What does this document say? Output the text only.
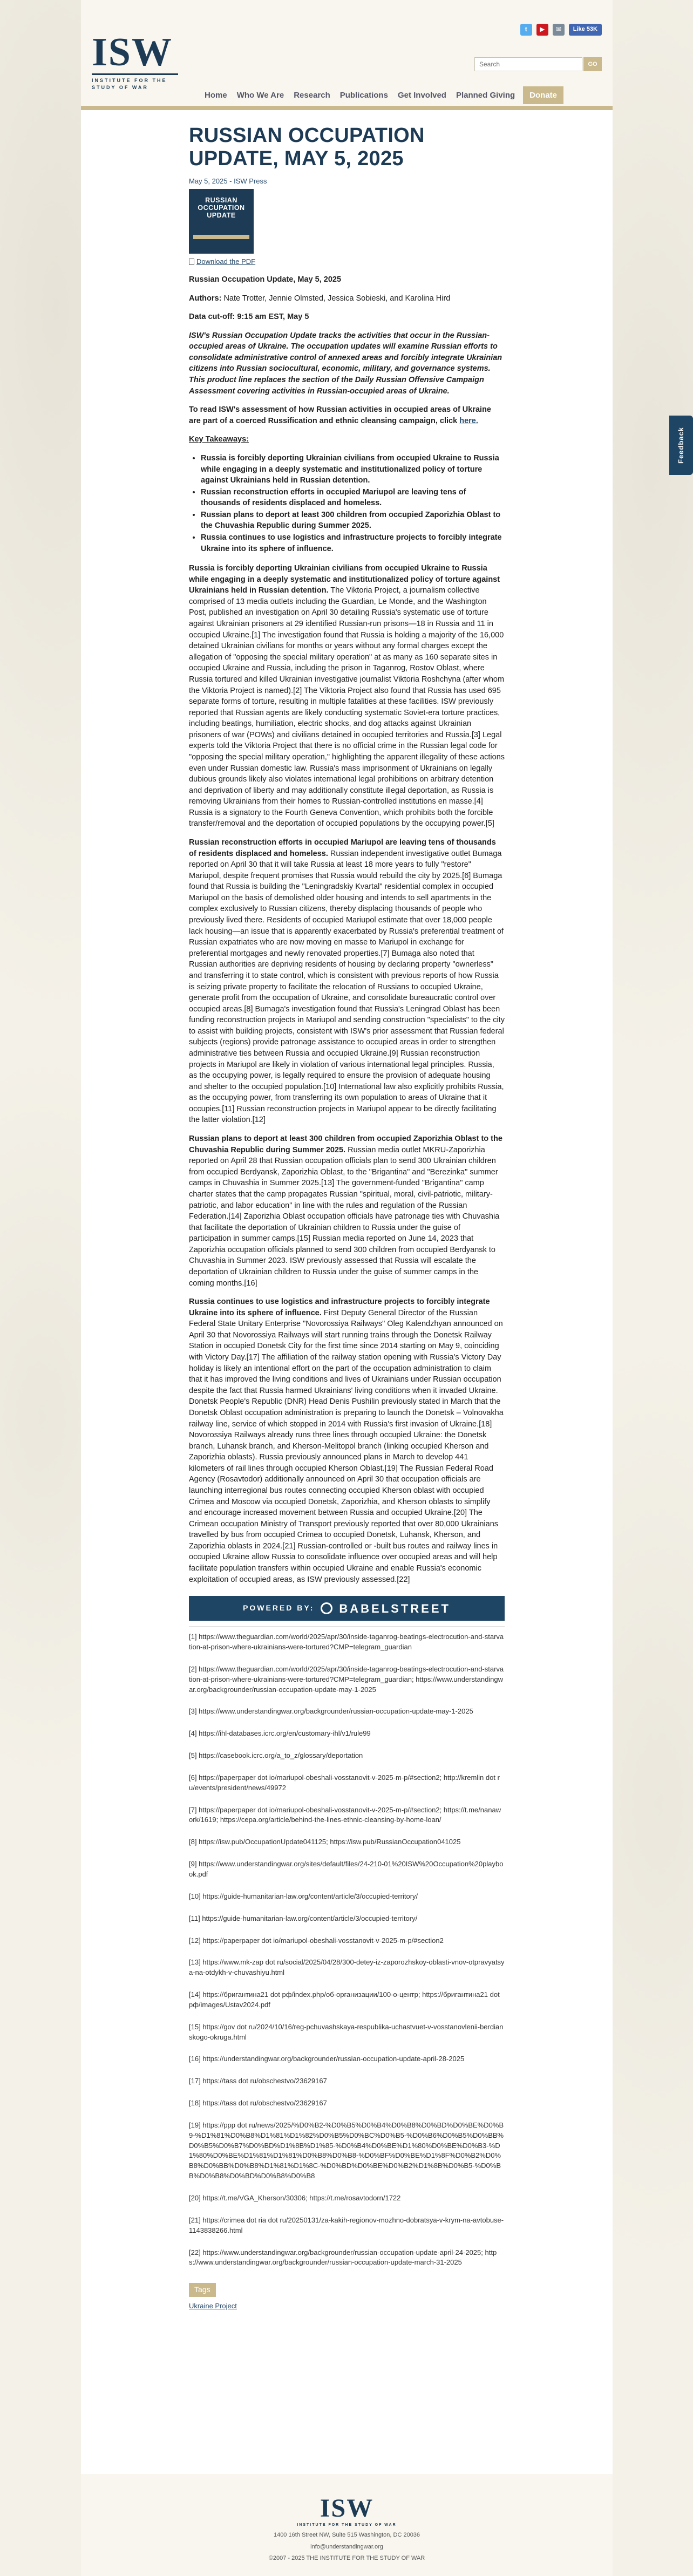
ISW
INSTITUTE FOR THE STUDY OF WAR
t	▶	✉	Like 53K
Search
GO
Home	Who We Are	Research	Publications	Get Involved	Planned Giving	Donate
RUSSIAN OCCUPATION UPDATE, MAY 5, 2025
May 5, 2025 - ISW Press
RUSSIAN OCCUPATION UPDATE
Download the PDF

Russian Occupation Update, May 5, 2025

Authors: Nate Trotter, Jennie Olmsted, Jessica Sobieski, and Karolina Hird

Data cut-off: 9:15 am EST, May 5

ISW's Russian Occupation Update tracks the activities that occur in the Russian-occupied areas of Ukraine. The occupation updates will examine Russian efforts to consolidate administrative control of annexed areas and forcibly integrate Ukrainian citizens into Russian sociocultural, economic, military, and governance systems. This product line replaces the section of the Daily Russian Offensive Campaign Assessment covering activities in Russian-occupied areas of Ukraine.

To read ISW's assessment of how Russian activities in occupied areas of Ukraine are part of a coerced Russification and ethnic cleansing campaign, click here.

Key Takeaways:

• Russia is forcibly deporting Ukrainian civilians from occupied Ukraine to Russia while engaging in a deeply systematic and institutionalized policy of torture against Ukrainians held in Russian detention.
• Russian reconstruction efforts in occupied Mariupol are leaving tens of thousands of residents displaced and homeless.
• Russian plans to deport at least 300 children from occupied Zaporizhia Oblast to the Chuvashia Republic during Summer 2025.
• Russia continues to use logistics and infrastructure projects to forcibly integrate Ukraine into its sphere of influence.

Russia is forcibly deporting Ukrainian civilians from occupied Ukraine to Russia while engaging in a deeply systematic and institutionalized policy of torture against Ukrainians held in Russian detention. The Viktoria Project, a journalism collective comprised of 13 media outlets including the Guardian, Le Monde, and the Washington Post, published an investigation on April 30 detailing Russia's systematic use of torture against Ukrainian prisoners at 29 identified Russian-run prisons—18 in Russia and 11 in occupied Ukraine.[1] The investigation found that Russia is holding a majority of the 16,000 detained Ukrainian civilians for months or years without any formal charges except the allegation of "opposing the special military operation" at as many as 160 separate sites in occupied Ukraine and Russia, including the prison in Taganrog, Rostov Oblast, where Russia tortured and killed Ukrainian investigative journalist Viktoria Roshchyna (after whom the Viktoria Project is named).[2] The Viktoria Project also found that Russia has used 695 separate forms of torture, resulting in multiple fatalities at these facilities. ISW previously reported that Russian agents are likely conducting systematic Soviet-era torture practices, including beatings, humiliation, electric shocks, and dog attacks against Ukrainian prisoners of war (POWs) and civilians detained in occupied territories and Russia.[3] Legal experts told the Viktoria Project that there is no official crime in the Russian legal code for "opposing the special military operation," highlighting the apparent illegality of these actions even under Russian domestic law. Russia's mass imprisonment of Ukrainians on legally dubious grounds likely also violates international legal prohibitions on arbitrary detention and deprivation of liberty and may additionally constitute illegal deportation, as Russia is removing Ukrainians from their homes to Russian-controlled institutions en masse.[4] Russia is a signatory to the Fourth Geneva Convention, which prohibits both the forcible transfer/removal and the deportation of occupied populations by the occupying power.[5]

Russian reconstruction efforts in occupied Mariupol are leaving tens of thousands of residents displaced and homeless. Russian independent investigative outlet Bumaga reported on April 30 that it will take Russia at least 18 more years to fully "restore" Mariupol, despite frequent promises that Russia would rebuild the city by 2025.[6] Bumaga found that Russia is building the "Leningradskiy Kvartal" residential complex in occupied Mariupol on the basis of demolished older housing and intends to sell apartments in the complex exclusively to Russian citizens, thereby displacing thousands of people who previously lived there. Residents of occupied Mariupol estimate that over 18,000 people lack housing—an issue that is apparently exacerbated by Russia's preferential treatment of Russian expatriates who are now moving en masse to Mariupol in exchange for preferential mortgages and newly renovated properties.[7] Bumaga also noted that Russian authorities are depriving residents of housing by declaring property "ownerless" and transferring it to state control, which is consistent with previous reports of how Russia is seizing private property to facilitate the relocation of Russians to occupied Ukraine, generate profit from the occupation of Ukraine, and consolidate bureaucratic control over occupied areas.[8] Bumaga's investigation found that Russia's Leningrad Oblast has been funding reconstruction projects in Mariupol and sending construction "specialists" to the city to assist with building projects, consistent with ISW's prior assessment that Russian federal subjects (regions) provide patronage assistance to occupied areas in order to strengthen administrative ties between Russia and occupied Ukraine.[9] Russian reconstruction projects in Mariupol are likely in violation of various international legal principles. Russia, as the occupying power, is legally required to ensure the provision of adequate housing and shelter to the occupied population.[10] International law also explicitly prohibits Russia, as the occupying power, from transferring its own population to areas of Ukraine that it occupies.[11] Russian reconstruction projects in Mariupol appear to be directly facilitating the latter violation.[12]

Russian plans to deport at least 300 children from occupied Zaporizhia Oblast to the Chuvashia Republic during Summer 2025. Russian media outlet MKRU-Zaporizhia reported on April 28 that Russian occupation officials plan to send 300 Ukrainian children from occupied Berdyansk, Zaporizhia Oblast, to the "Brigantina" and "Berezinka" summer camps in Chuvashia in Summer 2025.[13] The government-funded "Brigantina" camp charter states that the camp propagates Russian "spiritual, moral, civil-patriotic, military-patriotic, and labor education" in line with the rules and regulation of the Russian Federation.[14] Zaporizhia Oblast occupation officials have patronage ties with Chuvashia that facilitate the deportation of Ukrainian children to Russia under the guise of participation in summer camps.[15] Russian media reported on June 14, 2023 that Zaporizhia occupation officials planned to send 300 children from occupied Berdyansk to Chuvashia in Summer 2023. ISW previously assessed that Russia will escalate the deportation of Ukrainian children to Russia under the guise of summer camps in the coming months.[16]

Russia continues to use logistics and infrastructure projects to forcibly integrate Ukraine into its sphere of influence. First Deputy General Director of the Russian Federal State Unitary Enterprise "Novorossiya Railways" Oleg Kalendzhyan announced on April 30 that Novorossiya Railways will start running trains through the Donetsk Railway Station in occupied Donetsk City for the first time since 2014 starting on May 9, coinciding with Victory Day.[17] The affiliation of the railway station opening with Russia's Victory Day holiday is likely an intentional effort on the part of the occupation administration to claim that it has improved the living conditions and lives of Ukrainians under Russian occupation despite the fact that Russia harmed Ukrainians' living conditions when it invaded Ukraine. Donetsk People's Republic (DNR) Head Denis Pushilin previously stated in March that the Donetsk Oblast occupation administration is preparing to launch the Donetsk – Volnovakha railway line, service of which stopped in 2014 with Russia's first invasion of Ukraine.[18] Novorossiya Railways already runs three lines through occupied Ukraine: the Donetsk branch, Luhansk branch, and Kherson-Melitopol branch (linking occupied Kherson and Zaporizhia oblasts). Russia previously announced plans in March to develop 441 kilometers of rail lines through occupied Kherson Oblast.[19] The Russian Federal Road Agency (Rosavtodor) additionally announced on April 30 that occupation officials are launching interregional bus routes connecting occupied Kherson oblast with occupied Crimea and Moscow via occupied Donetsk, Zaporizhia, and Kherson oblasts to simplify and encourage increased movement between Russia and occupied Ukraine.[20] The Crimean occupation Ministry of Transport previously reported that over 80,000 Ukrainians travelled by bus from occupied Crimea to occupied Donetsk, Luhansk, Kherson, and Zaporizhia oblasts in 2024.[21] Russian-controlled or -built bus routes and railway lines in occupied Ukraine allow Russia to consolidate influence over occupied areas and will help facilitate population transfers within occupied Ukraine and enable Russia's economic exploitation of occupied areas, as ISW previously assessed.[22]

POWERED BY: BABELSTREET

[1] https://www.theguardian.com/world/2025/apr/30/inside-taganrog-beatings-electrocution-and-starvation-at-prison-where-ukrainians-were-tortured?CMP=telegram_guardian

[2] https://www.theguardian.com/world/2025/apr/30/inside-taganrog-beatings-electrocution-and-starvation-at-prison-where-ukrainians-were-tortured?CMP=telegram_guardian; https://www.understandingwar.org/backgrounder/russian-occupation-update-may-1-2025

[3] https://www.understandingwar.org/backgrounder/russian-occupation-update-may-1-2025

[4] https://ihl-databases.icrc.org/en/customary-ihl/v1/rule99

[5] https://casebook.icrc.org/a_to_z/glossary/deportation

[6] https://paperpaper dot io/mariupol-obeshali-vosstanovit-v-2025-m-p/#section2; http://kremlin dot ru/events/president/news/49972

[7] https://paperpaper dot io/mariupol-obeshali-vosstanovit-v-2025-m-p/#section2; https://t.me/nanawork/1619; https://cepa.org/article/behind-the-lines-ethnic-cleansing-by-home-loan/

[8] https://isw.pub/OccupationUpdate041125; https://isw.pub/RussianOccupation041025

[9] https://www.understandingwar.org/sites/default/files/24-210-01%20ISW%20Occupation%20playbook.pdf

[10] https://guide-humanitarian-law.org/content/article/3/occupied-territory/

[11] https://guide-humanitarian-law.org/content/article/3/occupied-territory/

[12] https://paperpaper dot io/mariupol-obeshali-vosstanovit-v-2025-m-p/#section2

[13] https://www.mk-zap dot ru/social/2025/04/28/300-detey-iz-zaporozhskoy-oblasti-vnov-otpravyatsya-na-otdykh-v-chuvashiyu.html

[14] https://бригантина21 dot рф/index.php/об-организации/100-о-центр; https://бригантина21 dot рф/images/Ustav2024.pdf

[15] https://gov dot ru/2024/10/16/reg-pchuvashskaya-respublika-uchastvuet-v-vosstanovlenii-berdianskogo-okruga.html

[16] https://understandingwar.org/backgrounder/russian-occupation-update-april-28-2025

[17] https://tass dot ru/obschestvo/23629167

[18] https://tass dot ru/obschestvo/23629167

[19] https://ppp dot ru/news/2025/%D0%B2-%D0%B5%D0%B4%D0%B8%D0%BD%D0%BE%D0%B9-%D1%81%D0%B8%D1%81%D1%82%D0%B5%D0%BC%D0%B5-%D0%B6%D0%B5%D0%BB%D0%B5%D0%B7%D0%BD%D1%8B%D1%85-%D0%B4%D0%BE%D1%80%D0%BE%D0%B3-%D1%80%D0%BE%D1%81%D1%81%D0%B8%D0%B8-%D0%BF%D0%BE%D1%8F%D0%B2%D0%B8%D0%BB%D0%B8%D1%81%D1%8C-%D0%BD%D0%BE%D0%B2%D1%8B%D0%B5-%D0%BB%D0%B8%D0%BD%D0%B8%D0%B8

[20] https://t.me/VGA_Kherson/30306; https://t.me/rosavtodorn/1722

[21] https://crimea dot ria dot ru/20250131/za-kakih-regionov-mozhno-dobratsya-v-krym-na-avtobuse-1143838266.html

[22] https://www.understandingwar.org/backgrounder/russian-occupation-update-april-24-2025; https://www.understandingwar.org/backgrounder/russian-occupation-update-march-31-2025

Tags
Ukraine Project
ISW
INSTITUTE FOR THE STUDY OF WAR
1400 16th Street NW, Suite 515 Washington, DC 20036
info@understandingwar.org
©2007 - 2025 THE INSTITUTE FOR THE STUDY OF WAR
Feedback
